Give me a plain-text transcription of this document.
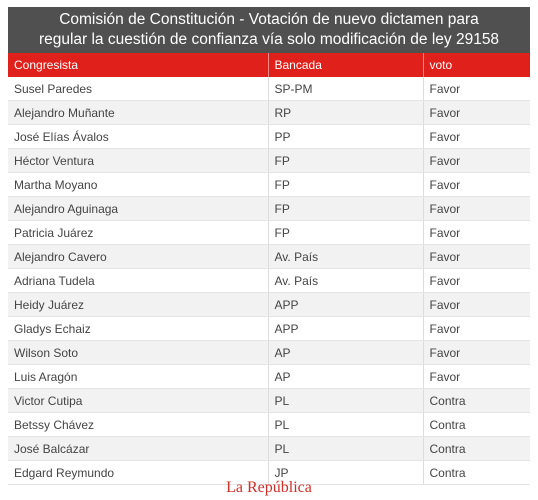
Comisión de Constitución - Votación de nuevo dictamen para
regular la cuestión de confianza vía solo modificación de ley 29158
Congresista	Bancada	voto
Susel Paredes	SP-PM	Favor
Alejandro Muñante	RP	Favor
José Elías Ávalos	PP	Favor
Héctor Ventura	FP	Favor
Martha Moyano	FP	Favor
Alejandro Aguinaga	FP	Favor
Patricia Juárez	FP	Favor
Alejandro Cavero	Av. País	Favor
Adriana Tudela	Av. País	Favor
Heidy Juárez	APP	Favor
Gladys Echaiz	APP	Favor
Wilson Soto	AP	Favor
Luis Aragón	AP	Favor
Victor Cutipa	PL	Contra
Betssy Chávez	PL	Contra
José Balcázar	PL	Contra
Edgard Reymundo	JP	Contra
La República
